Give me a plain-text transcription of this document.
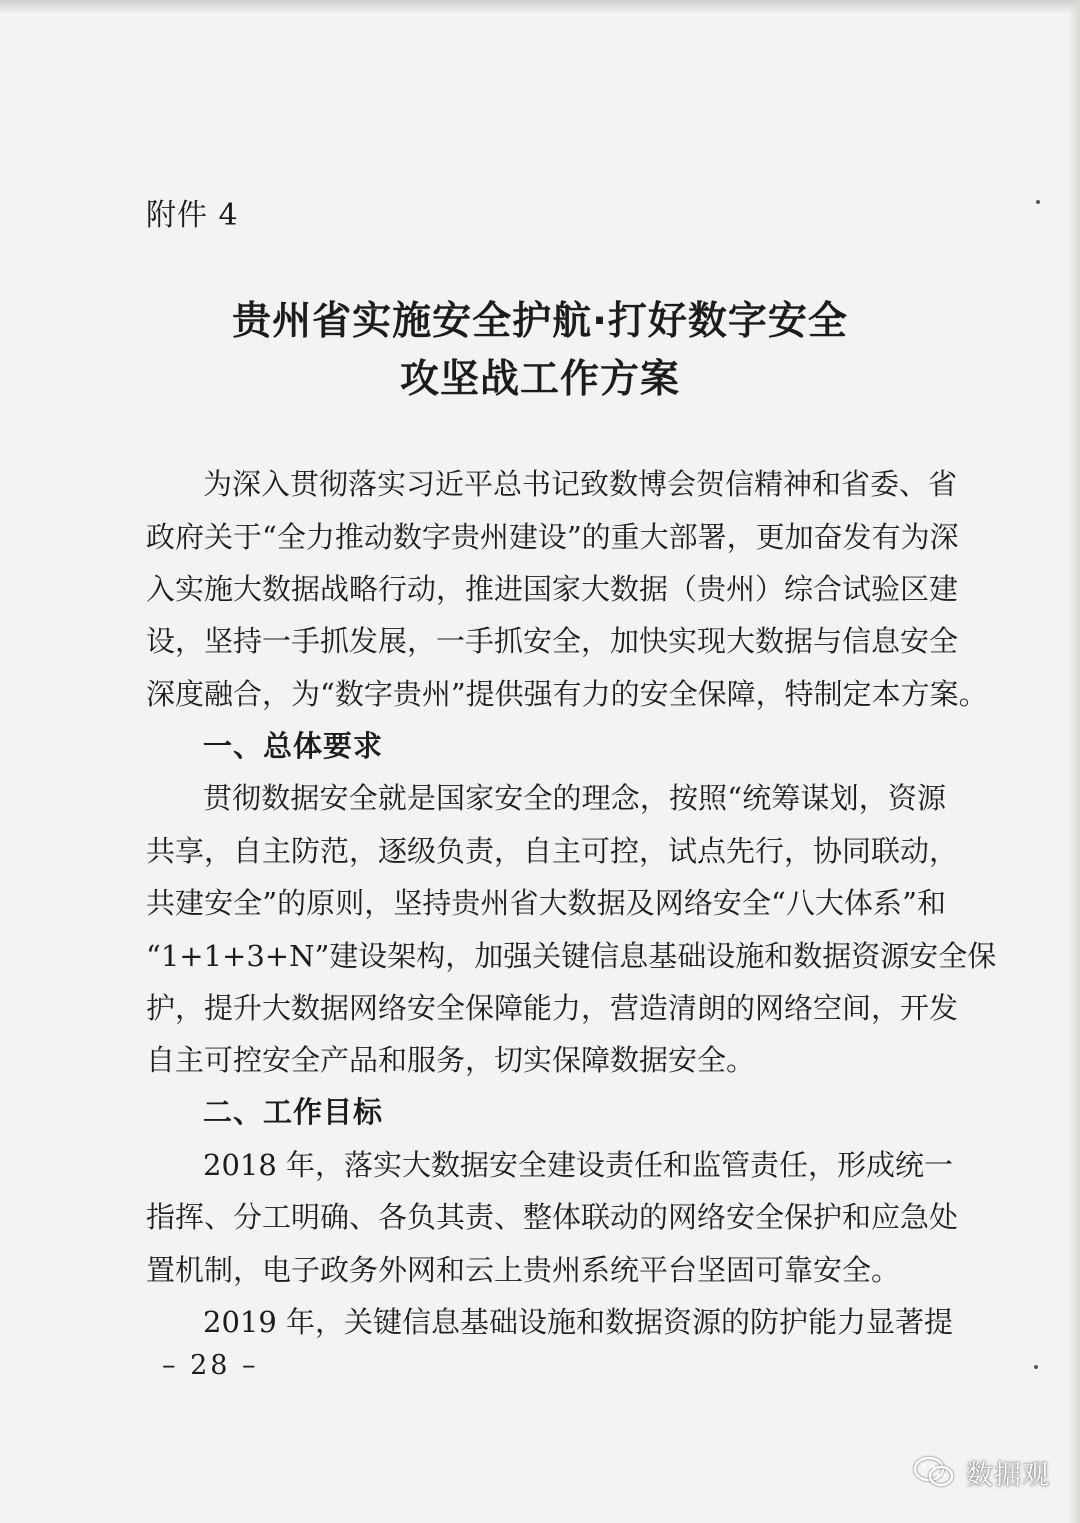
附件 4
贵州省实施安全护航·打好数字安全
攻坚战工作方案
为深入贯彻落实习近平总书记致数博会贺信精神和省委、省
政府关于“全力推动数字贵州建设”的重大部署，更加奋发有为深
入实施大数据战略行动，推进国家大数据（贵州）综合试验区建
设，坚持一手抓发展，一手抓安全，加快实现大数据与信息安全
深度融合，为“数字贵州”提供强有力的安全保障，特制定本方案。
一、总体要求
贯彻数据安全就是国家安全的理念，按照“统筹谋划，资源
共享，自主防范，逐级负责，自主可控，试点先行，协同联动，
共建安全”的原则，坚持贵州省大数据及网络安全“八大体系”和
“1+1+3+N”建设架构，加强关键信息基础设施和数据资源安全保
护，提升大数据网络安全保障能力，营造清朗的网络空间，开发
自主可控安全产品和服务，切实保障数据安全。
二、工作目标
2018 年，落实大数据安全建设责任和监管责任，形成统一
指挥、分工明确、各负其责、整体联动的网络安全保护和应急处
置机制，电子政务外网和云上贵州系统平台坚固可靠安全。
2019 年，关键信息基础设施和数据资源的防护能力显著提
– 28 –
数据观
